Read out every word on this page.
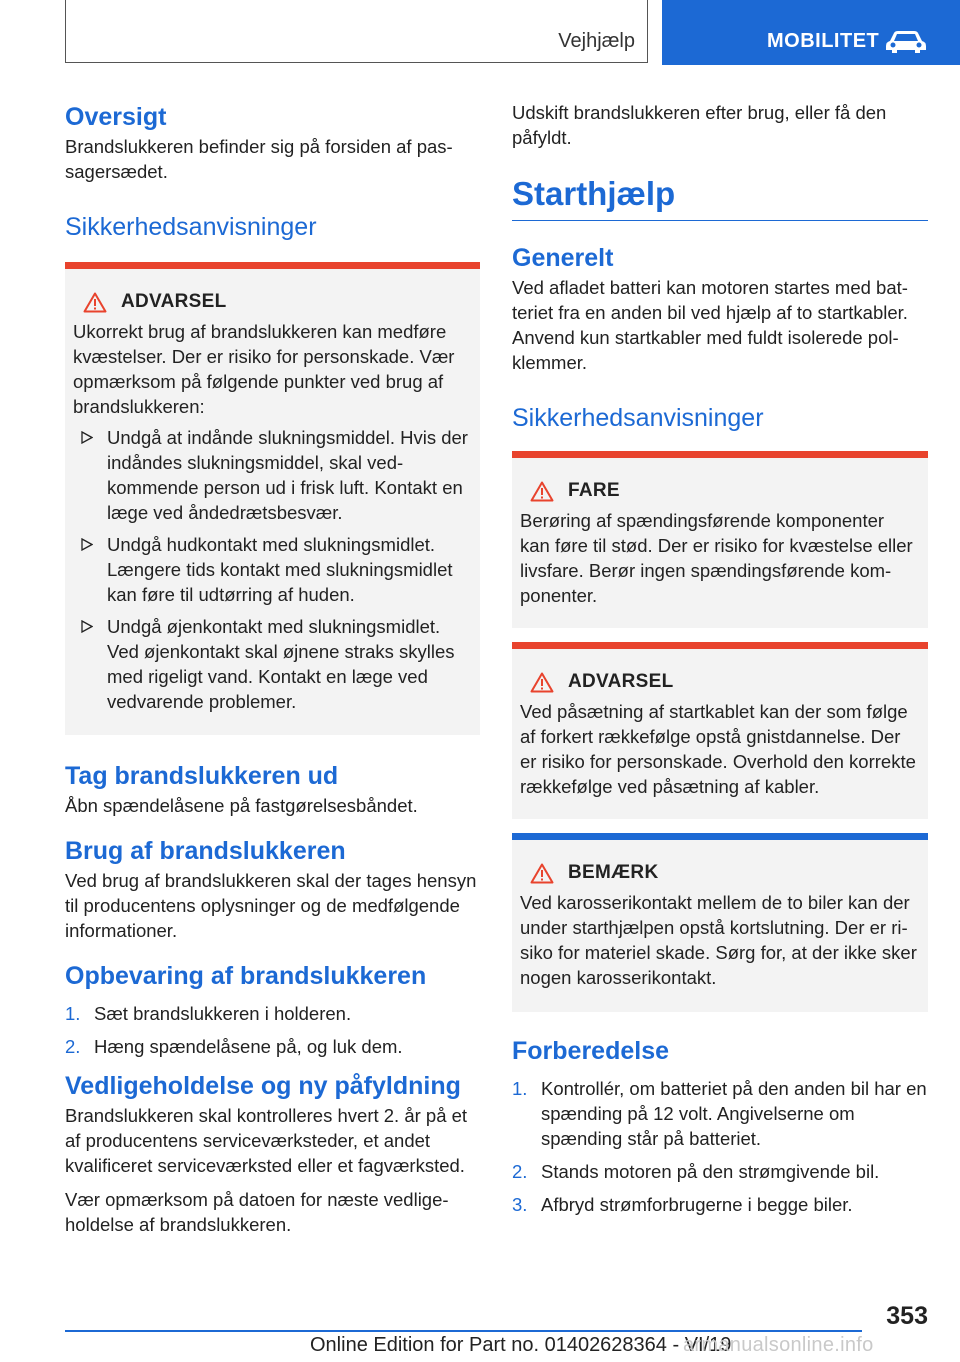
Vejhjælp	MOBILITET
Oversigt

Brandslukkeren befinder sig på forsiden af passagersædet.

Sikkerhedsanvisninger
ADVARSEL

Ukorrekt brug af brandslukkeren kan medføre kvæstelser. Der er risiko for personskade. Vær opmærksom på følgende punkter ved brug af brandslukkeren:

Undgå at indånde slukningsmiddel. Hvis der indåndes slukningsmiddel, skal vedkommende person ud i frisk luft. Kontakt en læge ved åndedrætsbesvær.
Undgå hudkontakt med slukningsmidlet. Længere tids kontakt med slukningsmidlet kan føre til udtørring af huden.
Undgå øjenkontakt med slukningsmidlet. Ved øjenkontakt skal øjnene straks skylles med rigeligt vand. Kontakt en læge ved vedvarende problemer.
Tag brandslukkeren ud

Åbn spændelåsene på fastgørelsesbåndet.

Brug af brandslukkeren

Ved brug af brandslukkeren skal der tages hensyn til producentens oplysninger og de medfølgende informationer.

Opbevaring af brandslukkeren
1. Sæt brandslukkeren i holderen.
2. Hæng spændelåsene på, og luk dem.
Vedligeholdelse og ny påfyldning

Brandslukkeren skal kontrolleres hvert 2. år på et af producentens serviceværksteder, et andet kvalificeret serviceværksted eller et fagværksted.

Vær opmærksom på datoen for næste vedligeholdelse af brandslukkeren.

Udskift brandslukkeren efter brug, eller få den påfyldt.

Starthjælp
Generelt

Ved afladet batteri kan motoren startes med batteriet fra en anden bil ved hjælp af to startkabler. Anvend kun startkabler med fuldt isolerede polklemmer.

Sikkerhedsanvisninger
FARE

Berøring af spændingsførende komponenter kan føre til stød. Der er risiko for kvæstelse eller livsfare. Berør ingen spændingsførende komponenter.

ADVARSEL

Ved påsætning af startkablet kan der som følge af forkert rækkefølge opstå gnistdannelse. Der er risiko for personskade. Overhold den korrekte rækkefølge ved påsætning af kabler.

BEMÆRK

Ved karosserikontakt mellem de to biler kan der under starthjælpen opstå kortslutning. Der er risiko for materiel skade. Sørg for, at der ikke sker nogen karosserikontakt.

Forberedelse
1. Kontrollér, om batteriet på den anden bil har en spænding på 12 volt. Angivelserne om spænding står på batteriet.
2. Stands motoren på den strømgivende bil.
3. Afbryd strømforbrugerne i begge biler.
353
Online Edition for Part no. 01402628364 - VI/19
armanualsonline.info
